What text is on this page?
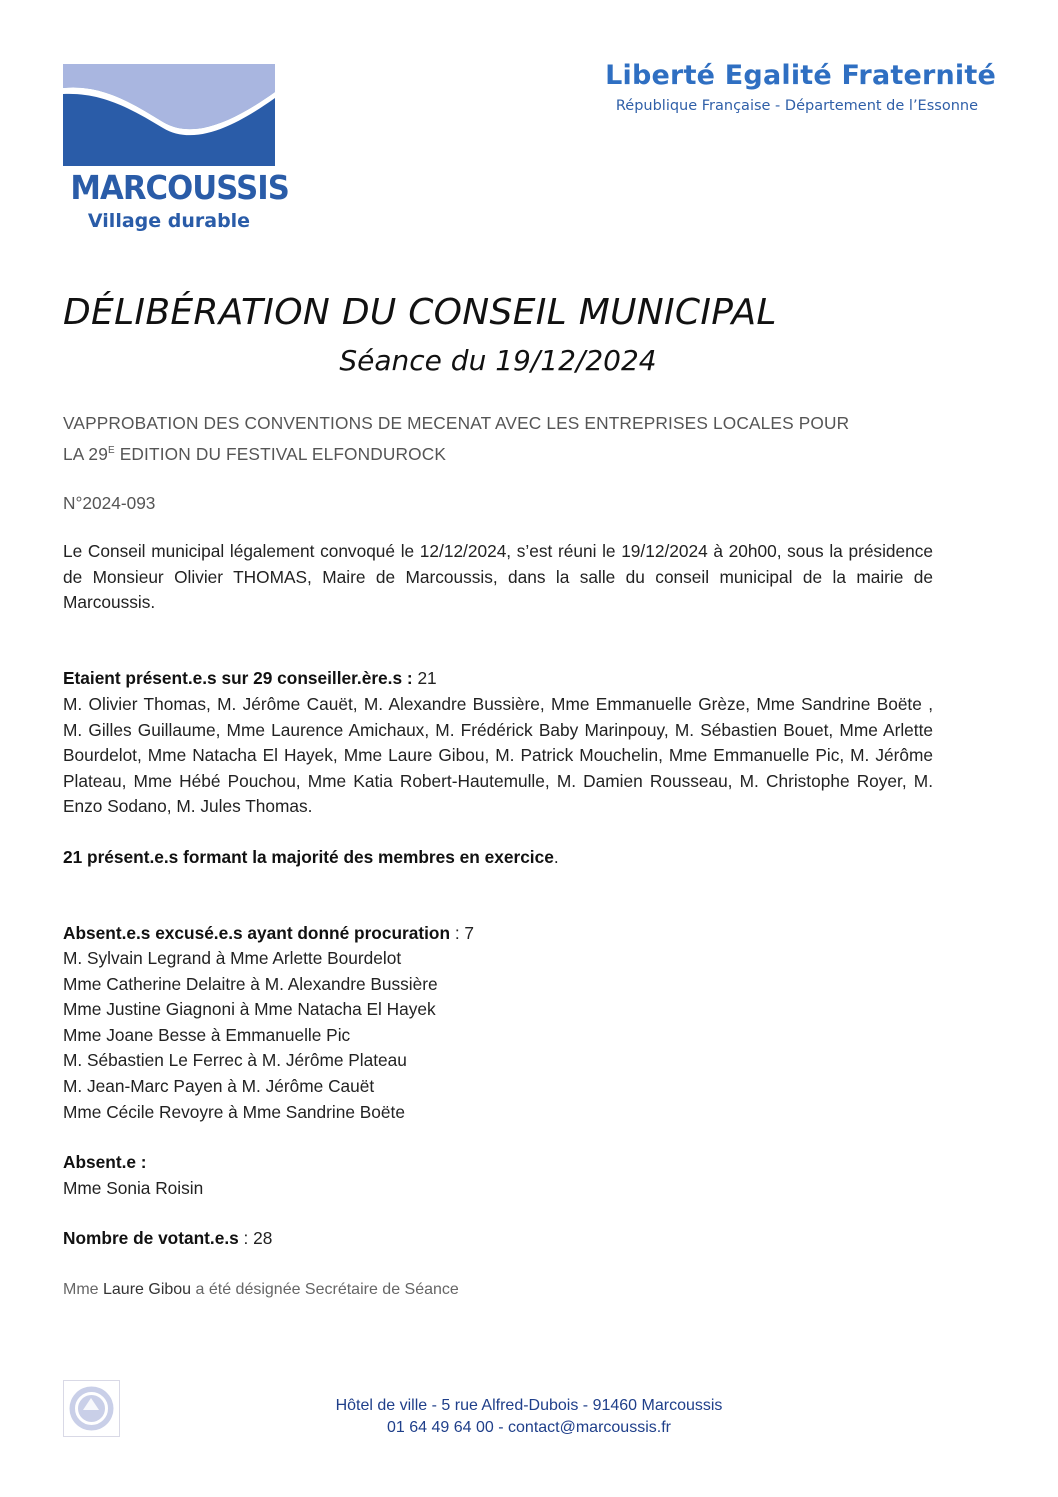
MARCOUSSIS
Village durable
Liberté Egalité Fraternité
République Française - Département de l’Essonne
DÉLIBÉRATION DU CONSEIL MUNICIPAL
Séance du 19/12/2024
VAPPROBATION DES CONVENTIONS DE MECENAT AVEC LES ENTREPRISES LOCALES POUR
LA $29^E$ EDITION DU FESTIVAL ELFONDUROCK
N°2024-093
Le Conseil municipal légalement convoqué le 12/12/2024, s’est réuni le 19/12/2024 à 20h00, sous la présidence de Monsieur Olivier THOMAS, Maire de Marcoussis, dans la salle du conseil municipal de la mairie de Marcoussis.
Etaient présent.e.s sur 29 conseiller.ère.s : 21
M. Olivier Thomas, M. Jérôme Cauët, M. Alexandre Bussière, Mme Emmanuelle Grèze, Mme Sandrine Boëte , M. Gilles Guillaume, Mme Laurence Amichaux, M. Frédérick Baby Marinpouy, M. Sébastien Bouet, Mme Arlette Bourdelot, Mme Natacha El Hayek, Mme Laure Gibou, M. Patrick Mouchelin, Mme Emmanuelle Pic, M. Jérôme Plateau, Mme Hébé Pouchou, Mme Katia Robert-Hautemulle, M. Damien Rousseau, M. Christophe Royer, M. Enzo Sodano, M. Jules Thomas.
21 présent.e.s formant la majorité des membres en exercice.
Absent.e.s excusé.e.s ayant donné procuration : 7
M. Sylvain Legrand à Mme Arlette Bourdelot
Mme Catherine Delaitre à M. Alexandre Bussière
Mme Justine Giagnoni à Mme Natacha El Hayek
Mme Joane Besse à Emmanuelle Pic
M. Sébastien Le Ferrec à M. Jérôme Plateau
M. Jean-Marc Payen à M. Jérôme Cauët
Mme Cécile Revoyre à Mme Sandrine Boëte
Absent.e :
Mme Sonia Roisin
Nombre de votant.e.s : 28
Mme Laure Gibou a été désignée Secrétaire de Séance
Hôtel de ville - 5 rue Alfred-Dubois - 91460 Marcoussis
01 64 49 64 00 - contact@marcoussis.fr
